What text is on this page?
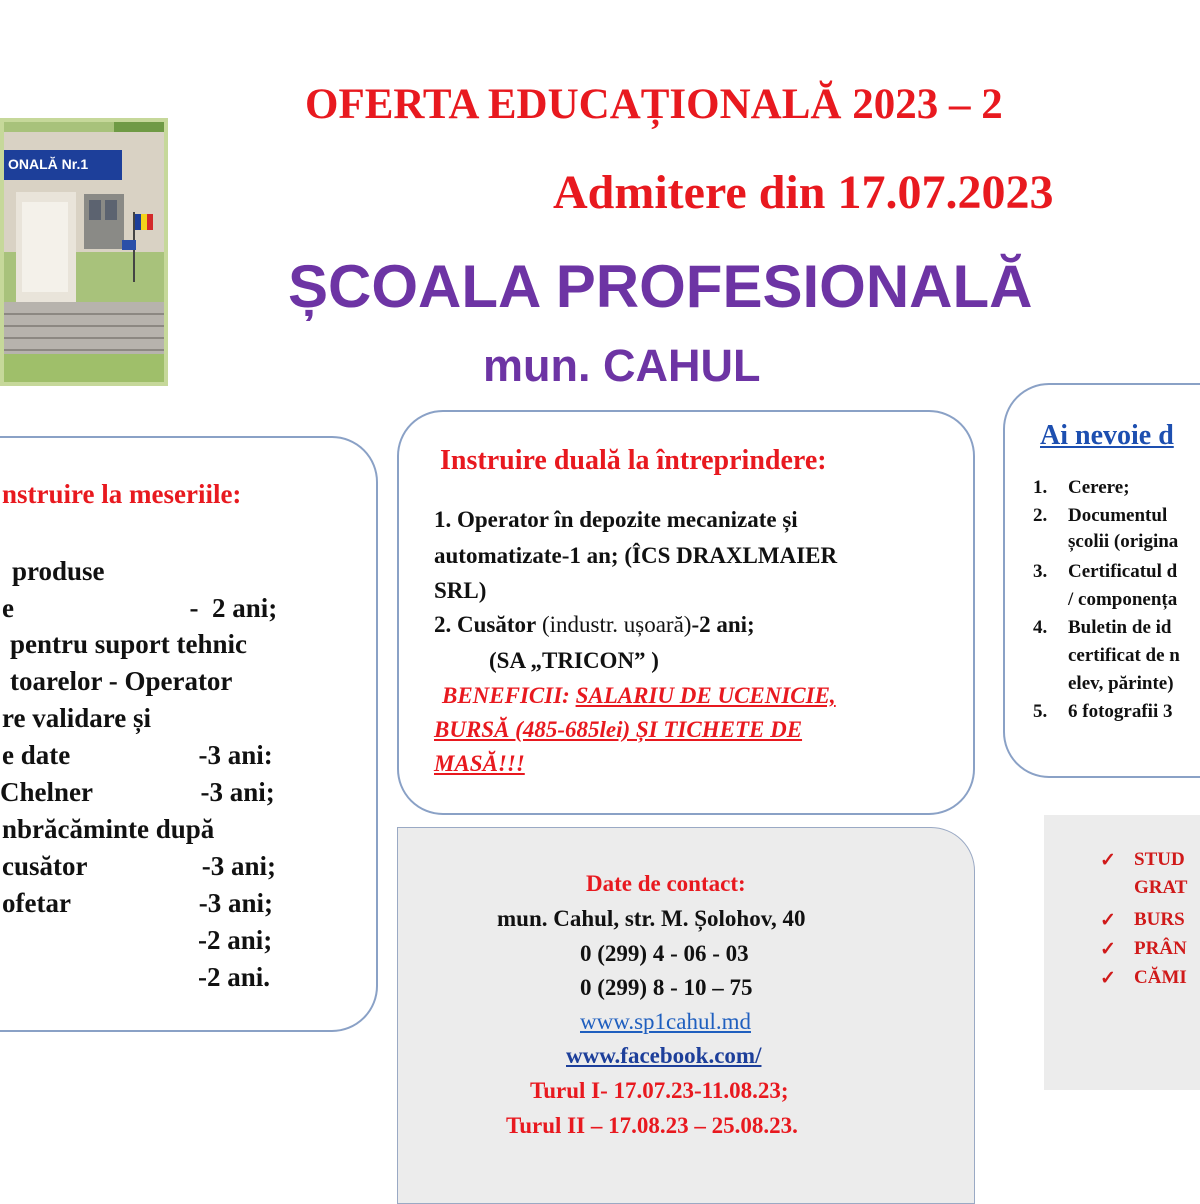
OFERTA EDUCAȚIONALĂ 2023 – 2
Admitere din 17.07.2023
ȘCOALA PROFESIONALĂ
mun. CAHUL
ONALĂ Nr.1
nstruire la meseriile:
produse
e                          -  2 ani;
pentru suport tehnic
toarelor - Operator
re validare și
e date                   -3 ani:
Chelner                -3 ani;
nbrăcăminte după
cusător                 -3 ani;
ofetar                   -3 ani;
-2 ani;
-2 ani.
Instruire duală la întreprindere:
1. Operator în depozite mecanizate și
automatizate-1 an; (ÎCS DRAXLMAIER
SRL)
2. Cusător (industr. ușoară)-2 ani;
(SA „TRICON” )
BENEFICII: SALARIU DE UCENICIE,
BURSĂ (485-685lei) ȘI TICHETE DE
MASĂ!!!
Ai nevoie d
1. Cerere;
2. Documentul
școlii (origina
3. Certificatul d
/ componența
4. Buletin de id
certificat de n
elev, părinte)
5. 6 fotografii 3
Date de contact:
mun. Cahul, str. M. Șolohov, 40
0 (299) 4 - 06 - 03
0 (299) 8 - 10 – 75
www.sp1cahul.md
www.facebook.com/
Turul I- 17.07.23-11.08.23;
Turul II – 17.08.23 – 25.08.23.
✓ STUD
GRAT
✓ BURS
✓ PRÂN
✓ CĂMI
